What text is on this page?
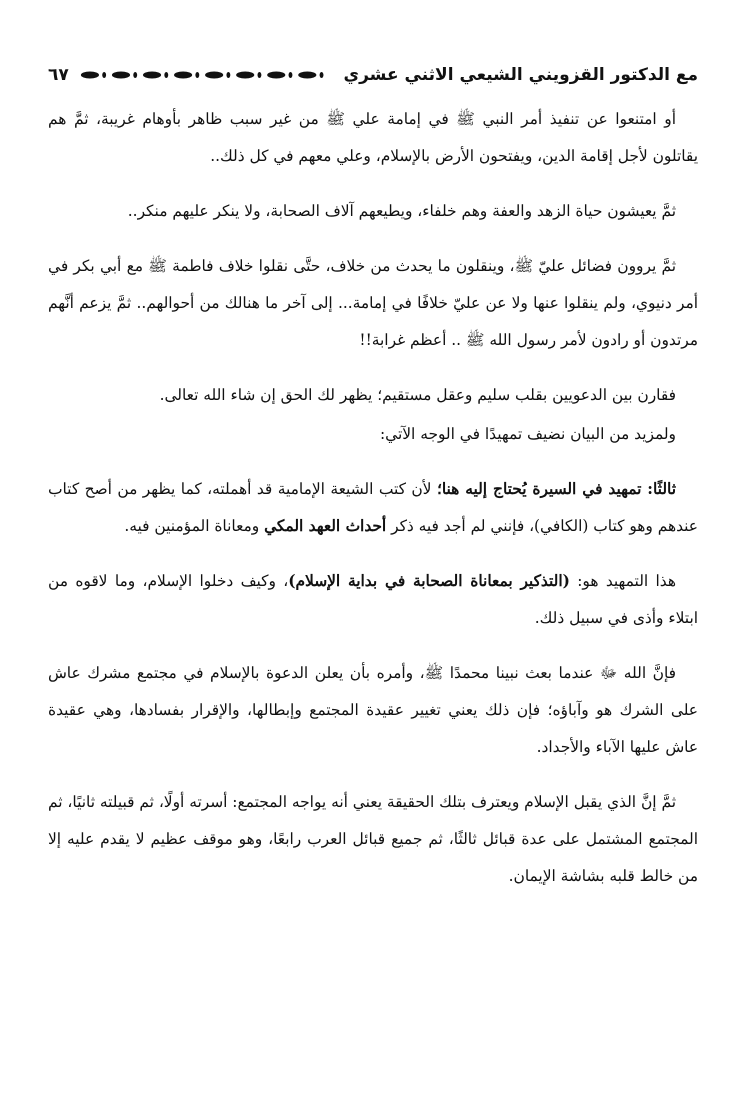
مع الدكتور القزويني الشيعي الاثني عشري
٦٧

أو امتنعوا عن تنفيذ أمر النبي ﷺ في إمامة علي ﷺ من غير سبب ظاهر بأوهام غريبة، ثمَّ هم يقاتلون لأجل إقامة الدين، ويفتحون الأرض بالإسلام، وعلي معهم في كل ذلك..

ثمَّ يعيشون حياة الزهد والعفة وهم خلفاء، ويطيعهم آلاف الصحابة، ولا ينكر عليهم منكر..

ثمَّ يروون فضائل عليّ ﷺ، وينقلون ما يحدث من خلاف، حتَّى نقلوا خلاف فاطمة ﷺ مع أبي بكر في أمر دنيوي، ولم ينقلوا عنها ولا عن عليّ خلافًا في إمامة... إلى آخر ما هنالك من أحوالهم.. ثمَّ يزعم أنَّهم مرتدون أو رادون لأمر رسول الله ﷺ .. أعظم غرابة!!

فقارن بين الدعويين بقلب سليم وعقل مستقيم؛ يظهر لك الحق إن شاء الله تعالى.

ولمزيد من البيان نضيف تمهيدًا في الوجه الآتي:

ثالثًا: تمهيد في السيرة يُحتاج إليه هنا؛ لأن كتب الشيعة الإمامية قد أهملته، كما يظهر من أصح كتاب عندهم وهو كتاب (الكافي)، فإنني لم أجد فيه ذكر أحداث العهد المكي ومعاناة المؤمنين فيه.

هذا التمهيد هو: (التذكير بمعاناة الصحابة في بداية الإسلام)، وكيف دخلوا الإسلام، وما لاقوه من ابتلاء وأذى في سبيل ذلك.

فإنَّ الله ﷻ عندما بعث نبينا محمدًا ﷺ، وأمره بأن يعلن الدعوة بالإسلام في مجتمع مشرك عاش على الشرك هو وآباؤه؛ فإن ذلك يعني تغيير عقيدة المجتمع وإبطالها، والإقرار بفسادها، وهي عقيدة عاش عليها الآباء والأجداد.

ثمَّ إنَّ الذي يقبل الإسلام ويعترف بتلك الحقيقة يعني أنه يواجه المجتمع: أسرته أولًا، ثم قبيلته ثانيًا، ثم المجتمع المشتمل على عدة قبائل ثالثًا، ثم جميع قبائل العرب رابعًا، وهو موقف عظيم لا يقدم عليه إلا من خالط قلبه بشاشة الإيمان.
